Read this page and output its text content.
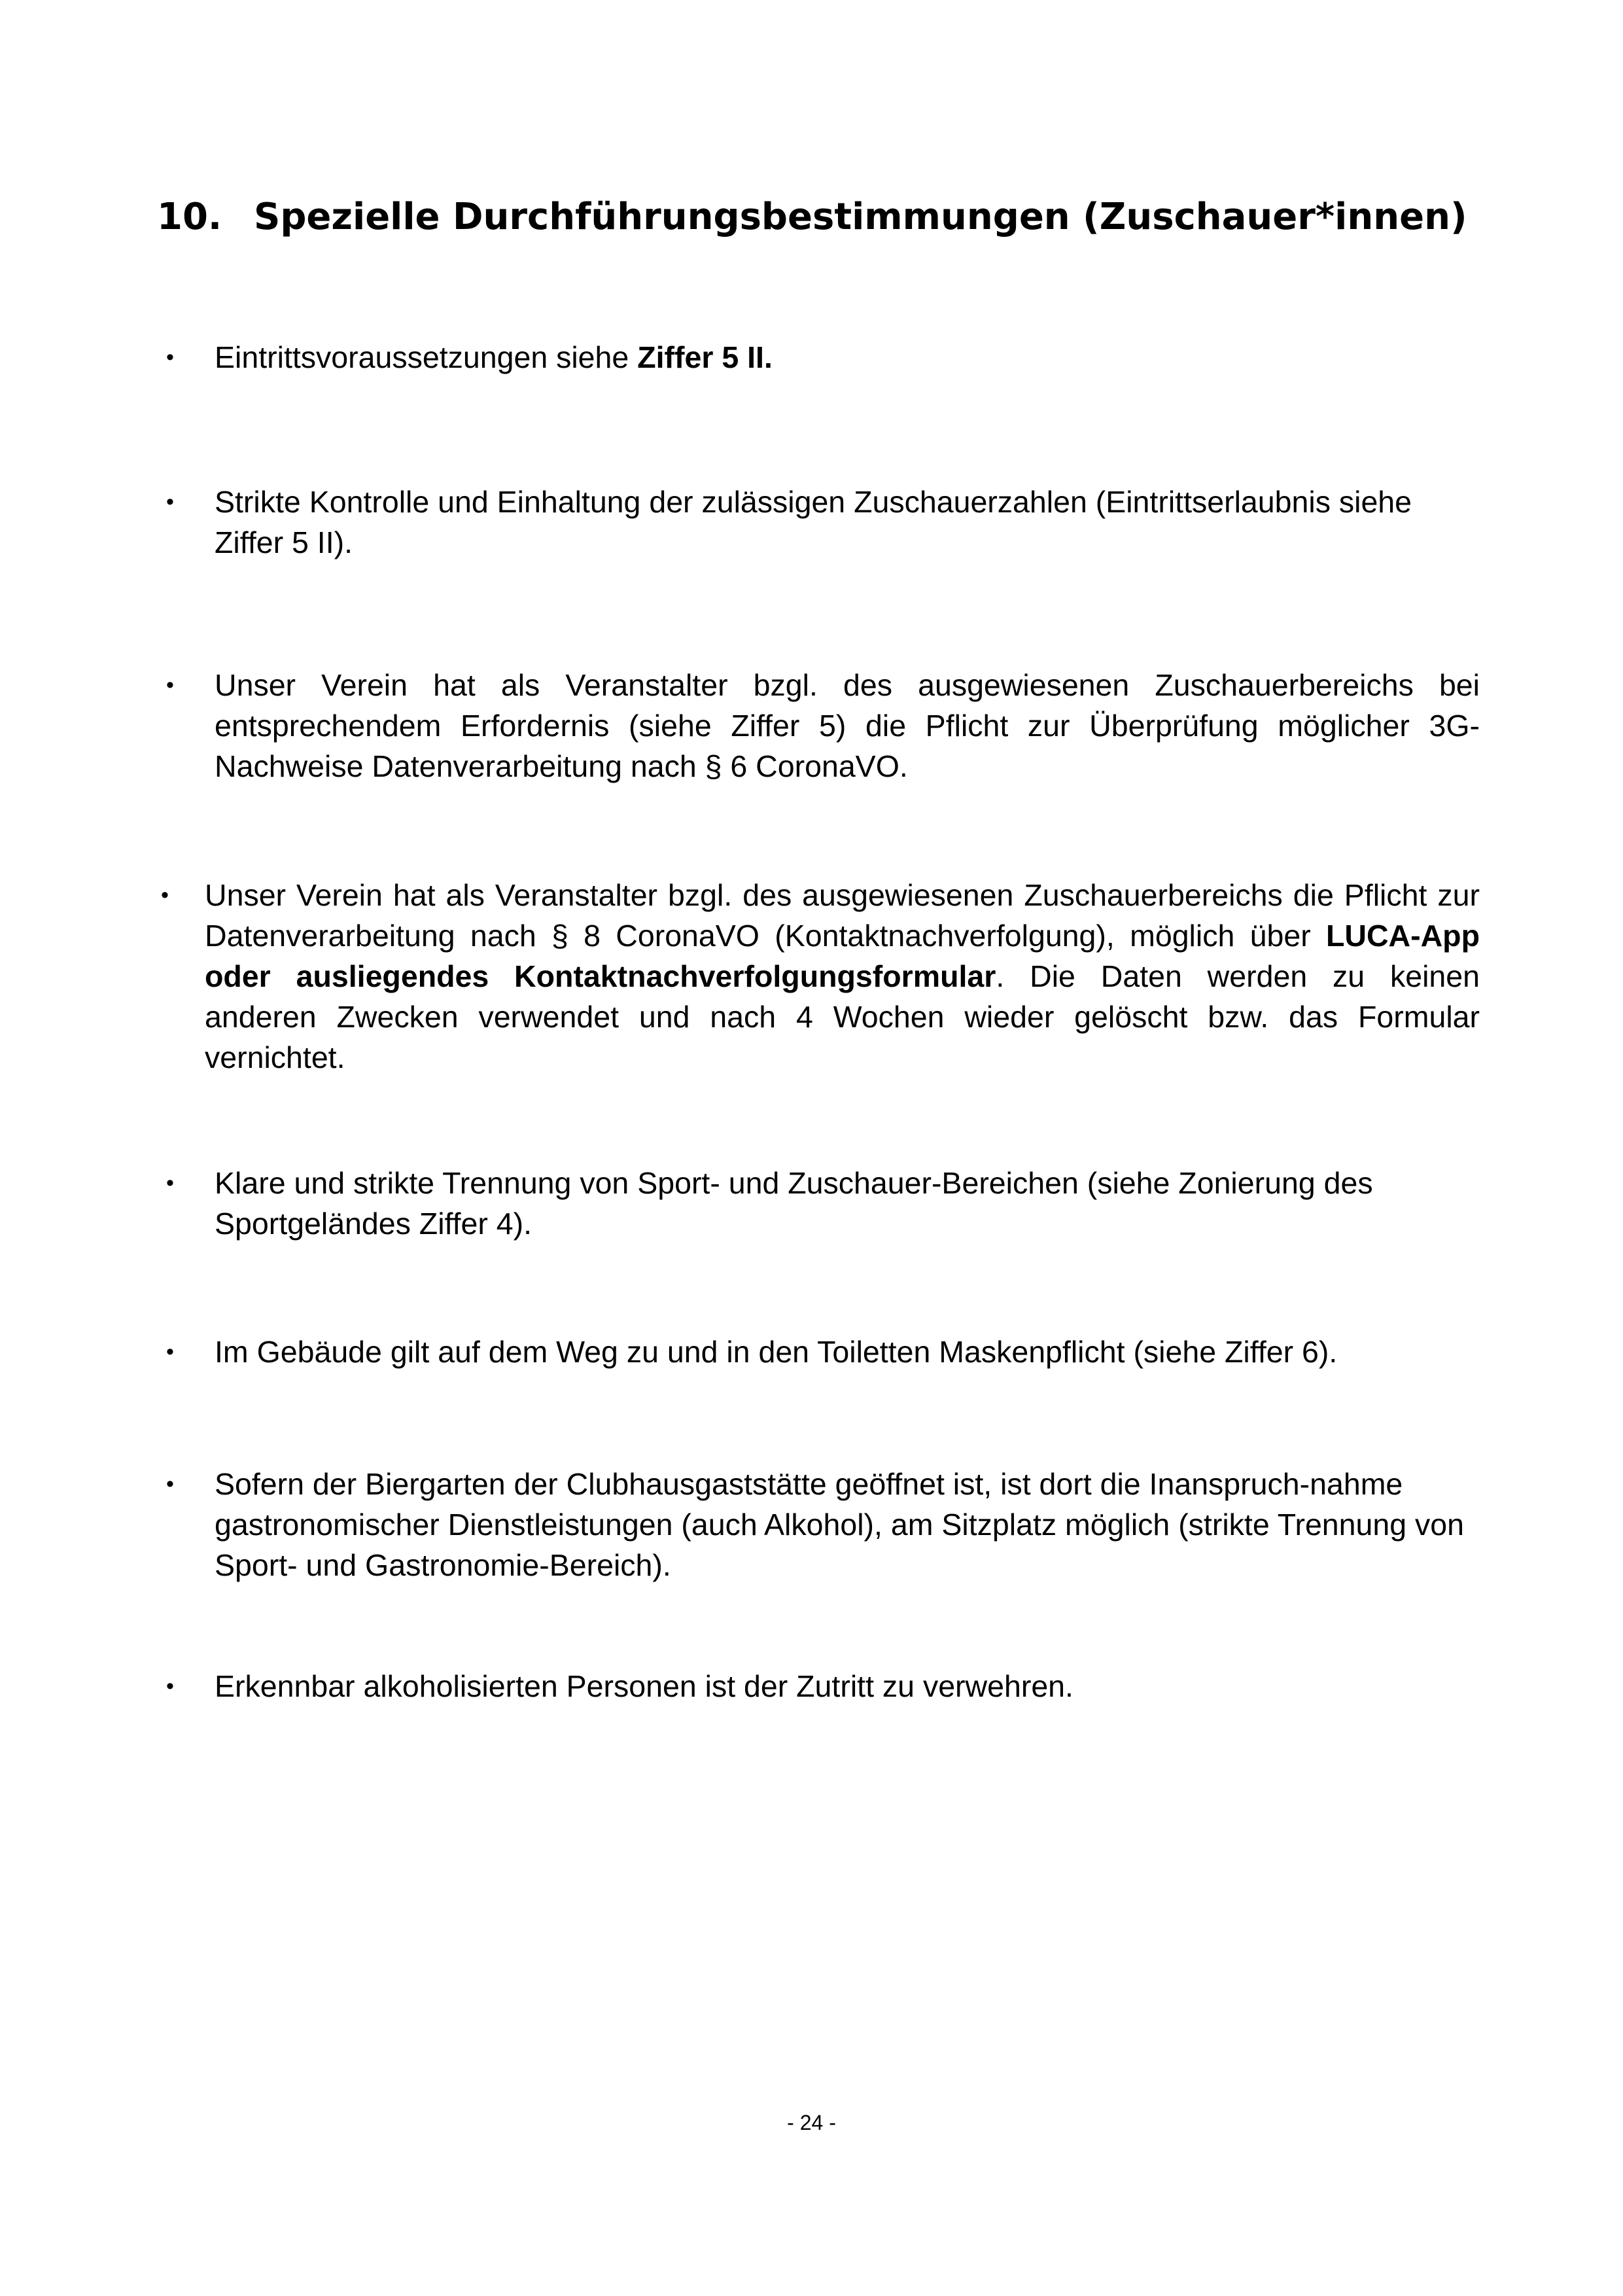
10. Spezielle Durchführungsbestimmungen (Zuschauer*innen)
•	Eintrittsvoraussetzungen siehe Ziffer 5 II.
•	Strikte Kontrolle und Einhaltung der zulässigen Zuschauerzahlen (Eintrittserlaubnis siehe Ziffer 5 II).
•	Unser Verein hat als Veranstalter bzgl. des ausgewiesenen Zuschauerbereichs bei entsprechendem Erfordernis (siehe Ziffer 5) die Pflicht zur Überprüfung möglicher 3G-Nachweise Datenverarbeitung nach § 6 CoronaVO.
•	Unser Verein hat als Veranstalter bzgl. des ausgewiesenen Zuschauerbereichs die Pflicht zur Datenverarbeitung nach § 8 CoronaVO (Kontaktnachverfolgung), möglich über LUCA-App oder ausliegendes Kontaktnachverfolgungsformular. Die Daten werden zu keinen anderen Zwecken verwendet und nach 4 Wochen wieder gelöscht bzw. das Formular vernichtet.
•	Klare und strikte Trennung von Sport- und Zuschauer-Bereichen (siehe Zonierung des Sportgeländes Ziffer 4).
•	Im Gebäude gilt auf dem Weg zu und in den Toiletten Maskenpflicht (siehe Ziffer 6).
•	Sofern der Biergarten der Clubhausgaststätte geöffnet ist, ist dort die Inanspruch-nahme gastronomischer Dienstleistungen (auch Alkohol), am Sitzplatz möglich (strikte Trennung von Sport- und Gastronomie-Bereich).
•	Erkennbar alkoholisierten Personen ist der Zutritt zu verwehren.
- 24 -
